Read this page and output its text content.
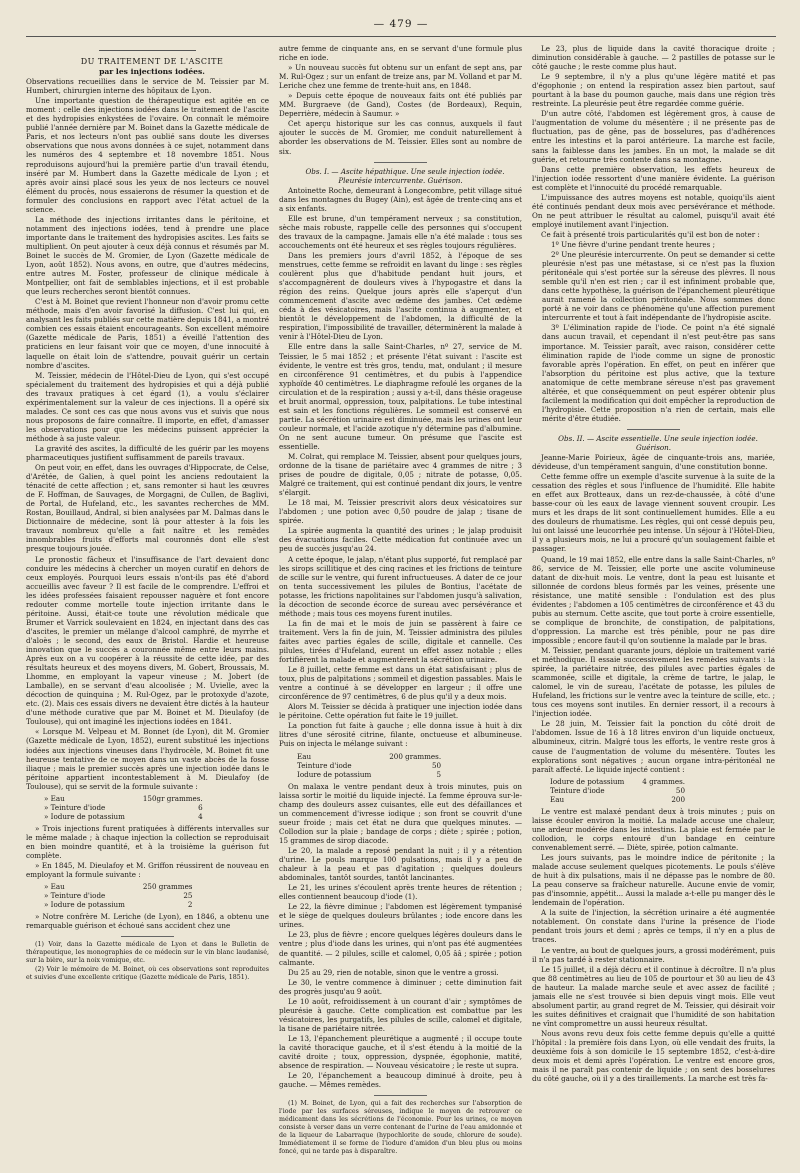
— 479 —

DU TRAITEMENT DE L'ASCITE

par les injections iodées.

Observations recueillies dans le service de M. Teissier par M. Humbert, chirurgien interne des hôpitaux de Lyon.

Une importante question de thérapeutique est agitée en ce moment : celle des injections iodées dans le traitement de l'ascite et des hydropisies enkystées de l'ovaire. On connaît le mémoire publié l'année dernière par M. Boinet dans la Gazette médicale de Paris, et nos lecteurs n'ont pas oublié sans doute les diverses observations que nous avons données à ce sujet, notamment dans les numéros des 4 septembre et 18 novembre 1851. Nous reproduisons aujourd'hui la première partie d'un travail étendu, inséré par M. Humbert dans la Gazette médicale de Lyon ; et après avoir ainsi placé sous les yeux de nos lecteurs ce nouvel élément du procès, nous essaierons de résumer la question et de formuler des conclusions en rapport avec l'état actuel de la science.

La méthode des injections irritantes dans le péritoine, et notamment des injections iodées, tend à prendre une place importante dans le traitement des hydropisies ascites. Les faits se multiplient. On peut ajouter à ceux déjà connus et résumés par M. Boinet le succès de M. Gromier, de Lyon (Gazette médicale de Lyon, août 1852). Nous avons, en outre, que d'autres médecins, entre autres M. Foster, professeur de clinique médicale à Montpellier, ont fait de semblables injections, et il est probable que leurs recherches seront bientôt connues.

C'est à M. Boinet que revient l'honneur non d'avoir promu cette méthode, mais d'en avoir favorisé la diffusion. C'est lui qui, en analysant les faits publiés sur cette matière depuis 1841, a montré combien ces essais étaient encourageants. Son excellent mémoire (Gazette médicale de Paris, 1851) a éveillé l'attention des praticiens en leur faisant voir que ce moyen, d'une innocuité à laquelle on était loin de s'attendre, pouvait guérir un certain nombre d'ascites.

M. Teissier, médecin de l'Hôtel-Dieu de Lyon, qui s'est occupé spécialement du traitement des hydropisies et qui a déjà publié des travaux pratiques à cet égard (1), a voulu s'éclairer expérimentalement sur la valeur de ces injections. Il a opéré six malades. Ce sont ces cas que nous avons vus et suivis que nous nous proposons de faire connaître. Il importe, en effet, d'amasser les observations pour que les médecins puissent apprécier la méthode à sa juste valeur.

La gravité des ascites, la difficulté de les guérir par les moyens pharmaceutiques justifient suffisamment de pareils travaux.

On peut voir, en effet, dans les ouvrages d'Hippocrate, de Celse, d'Arétée, de Galien, à quel point les anciens redoutaient la ténacité de cette affection ; et, sans remonter si haut les œuvres de F. Hoffman, de Sauvages, de Morgagni, de Cullen, de Baglivi, de Portal, de Hufeland, etc., les savantes recherches de MM. Rostan, Bouillaud, Andral, si bien analysées par M. Dalmas dans le Dictionnaire de médecine, sont là pour attester à la fois les travaux nombreux qu'elle a fait naître et les remèdes innombrables fruits d'efforts mal couronnés dont elle s'est presque toujours jouée.

Le pronostic fâcheux et l'insuffisance de l'art devaient donc conduire les médecins à chercher un moyen curatif en dehors de ceux employés. Pourquoi leurs essais n'ont-ils pas été d'abord accueillis avec faveur ? Il est facile de le comprendre. L'effroi et les idées professées faisaient repousser naguère et font encore redouter comme mortelle toute injection irritante dans le péritoine. Aussi, était-ce toute une révolution médicale que Brumer et Varrick soulevaient en 1824, en injectant dans des cas d'ascites, le premier un mélange d'alcool camphré, de myrrhe et d'aloès ; le second, des eaux de Bristol. Hardie et heureuse innovation que le succès a couronnée même entre leurs mains. Après eux on a vu coopérer à la réussite de cette idée, par des résultats heureux et des moyens divers, M. Gobert, Broussais, M. Lhomme, en employant la vapeur vineuse ; M. Jobert (de Lamballe), en se servant d'eau alcoolisée ; M. Uvielle, avec la décoction de quinquina ; M. Rul-Ogez, par le protoxyde d'azote, etc. (2). Mais ces essais divers ne devaient être dictés à la hauteur d'une méthode curative que par M. Boinet et M. Dieulafoy (de Toulouse), qui ont imaginé les injections iodées en 1841.

« Lorsque M. Velpeau et M. Bonnet (de Lyon), dit M. Gromier (Gazette médicale de Lyon, 1852), eurent substitué les injections iodées aux injections vineuses dans l'hydrocèle, M. Boinet fit une heureuse tentative de ce moyen dans un vaste abcès de la fosse iliaque ; mais le premier succès après une injection iodée dans le péritoine appartient incontestablement à M. Dieulafoy (de Toulouse), qui se servit de la formule suivante :

» Eau	150gr grammes.
» Teinture d'iode	6
» Iodure de potassium	4

» Trois injections furent pratiquées à différents intervalles sur le même malade ; à chaque injection la collection se reproduisait en bien moindre quantité, et à la troisième la guérison fut complète.

» En 1845, M. Dieulafoy et M. Griffon réussirent de nouveau en employant la formule suivante :

» Eau	250 grammes
» Teinture d'iode	25
» Iodure de potassium	2

» Notre confrère M. Leriche (de Lyon), en 1846, a obtenu une remarquable guérison et échoué sans accident chez une

(1) Voir, dans la Gazette médicale de Lyon et dans le Bulletin de thérapeutique, les monographies de ce médecin sur le vin blanc laudanisé, sur la bière, sur la noix vomique, etc.

(2) Voir le mémoire de M. Boinet, où ces observations sont reproduites et suivies d'une excellente critique (Gazette médicale de Paris, 1851).

autre femme de cinquante ans, en se servant d'une formule plus riche en iode.

» Un nouveau succès fut obtenu sur un enfant de sept ans, par M. Rul-Ogez ; sur un enfant de treize ans, par M. Volland et par M. Leriche chez une femme de trente-huit ans, en 1848.

» Depuis cette époque de nouveaux faits ont été publiés par MM. Burgraeve (de Gand), Costes (de Bordeaux), Requin, Deperrière, médecin à Saumur. »

Cet aperçu historique sur les cas connus, auxquels il faut ajouter le succès de M. Gromier, me conduit naturellement à aborder les observations de M. Teissier. Elles sont au nombre de six.

Obs. I. — Ascite hépathique. Une seule injection iodée. Pleurésie intercurrente. Guérison.

Antoinette Roche, demeurant à Longecombre, petit village situé dans les montagnes du Bugey (Ain), est âgée de trente-cinq ans et a six enfants.

Elle est brune, d'un tempérament nerveux ; sa constitution, sèche mais robuste, rappelle celle des personnes qui s'occupent des travaux de la campagne. Jamais elle n'a été malade : tous ses accouchements ont été heureux et ses règles toujours régulières.

Dans les premiers jours d'avril 1852, à l'époque de ses menstrues, cette femme se refroidit en lavant du linge : ses règles coulèrent plus que d'habitude pendant huit jours, et s'accompagnèrent de douleurs vives à l'hypogastre et dans la région des reins. Quelque jours après elle s'aperçut d'un commencement d'ascite avec œdème des jambes. Cet œdème céda à des vésicatoires, mais l'ascite continua à augmenter, et bientôt le développement de l'abdomen, la difficulté de la respiration, l'impossibilité de travailler, déterminèrent la malade à venir à l'Hôtel-Dieu de Lyon.

Elle entre dans la salle Saint-Charles, nº 27, service de M. Teissier, le 5 mai 1852 ; et présente l'état suivant : l'ascite est évidente, le ventre est très gros, tendu, mat, ondulant ; il mesure en circonférence 91 centimètres, et du pubis à l'appendice xyphoïde 40 centimètres. Le diaphragme refoulé les organes de la circulation et de la respiration ; aussi y a-t-il, dans thésie orageuse et bruit anormal, oppression, toux, palpitations. Le tube intestinal est sain et les fonctions régulières. Le sommeil est conservé en partie. La sécrétion urinaire est diminuée, mais les urines ont leur couleur normale, et l'acide azotique n'y détermine pas d'albumine. On ne sent aucune tumeur. On présume que l'ascite est essentielle.

M. Colrat, qui remplace M. Teissier, absent pour quelques jours, ordonne de la tisane de pariétaire avec 4 grammes de nitre ; 3 prises de poudre de digitale, 0,05 ; nitrate de potasse, 0,05. Malgré ce traitement, qui est continué pendant dix jours, le ventre s'élargit.

Le 18 mai, M. Teissier prescrivit alors deux vésicatoires sur l'abdomen ; une potion avec 0,50 poudre de jalap ; tisane de spirée.

La spirée augmenta la quantité des urines ; le jalap produisit des évacuations faciles. Cette médication fut continuée avec un peu de succès jusqu'au 24.

A cette époque, le jalap, n'étant plus supporté, fut remplacé par les sirops scillitique et des cinq racines et les frictions de teinture de scille sur le ventre, qui furent infructueuses. A dater de ce jour on tenta successivement les pilules de Bontius, l'acétate de potasse, les frictions napolitaines sur l'abdomen jusqu'à salivation, la décoction de seconde écorce de sureau avec persévérance et méthode ; mais tous ces moyens furent inutiles.

La fin de mai et le mois de juin se passèrent à faire ce traitement. Vers la fin de juin, M. Teissier administra des pilules faites avec parties égales de scille, digitale et cannelle. Ces pilules, tirées d'Hufeland, eurent un effet assez notable ; elles fortifièrent la malade et augmentèrent la sécrétion urinaire.

Le 8 juillet, cette femme est dans un état satisfaisant ; plus de toux, plus de palpitations ; sommeil et digestion passables. Mais le ventre a continué à se développer en largeur ; il offre une circonférence de 97 centimètres, 6 de plus qu'il y a deux mois.

Alors M. Teissier se décida à pratiquer une injection iodée dans le péritoine. Cette opération fut faite le 19 juillet.

La ponction fut faite à gauche ; elle donna issue à huit à dix litres d'une sérosité citrine, filante, onctueuse et albumineuse. Puis on injecta le mélange suivant :

Eau	200 grammes.
Teinture d'iode	50
Iodure de potassium	5

On malaxa le ventre pendant deux à trois minutes, puis on laissa sortir le moitié du liquide injecté. La femme éprouva sur-le-champ des douleurs assez cuisantes, elle eut des défaillances et un commencement d'ivresse iodique ; son front se couvrit d'une sueur froide ; mais cet état ne dura que quelques minutes. — Collodion sur la plaie ; bandage de corps ; diète ; spirée ; potion, 15 grammes de sirop diacode.

Le 20, la malade a reposé pendant la nuit ; il y a rétention d'urine. Le pouls marque 100 pulsations, mais il y a peu de chaleur à la peau et pas d'agitation ; quelques douleurs abdominales, tantôt sourdes, tantôt lancinantes.

Le 21, les urines s'écoulent après trente heures de rétention ; elles contiennent beaucoup d'iode (1).

Le 22, la fièvre diminue ; l'abdomen est légèrement tympanisé et le siège de quelques douleurs brûlantes ; iode encore dans les urines.

Le 23, plus de fièvre ; encore quelques légères douleurs dans le ventre ; plus d'iode dans les urines, qui n'ont pas été augmentées de quantité. — 2 pilules, scille et calomel, 0,05 ââ ; spirée ; potion calmante.

Du 25 au 29, rien de notable, sinon que le ventre a grossi.

Le 30, le ventre commence à diminuer ; cette diminution fait des progrès jusqu'au 9 août.

Le 10 août, refroidissement à un courant d'air ; symptômes de pleurésie à gauche. Cette complication est combattue par les vésicatoires, les purgatifs, les pilules de scille, calomel et digitale, la tisane de pariétaire nitrée.

Le 13, l'épanchement pleurétique a augmenté ; il occupe toute la cavité thoracique gauche, et il s'est étendu à la moitié de la cavité droite ; toux, oppression, dyspnée, égophonie, matité, absence de respiration. — Nouveau vésicatoire ; le reste ut supra.

Le 20, l'épanchement a beaucoup diminué à droite, peu à gauche. — Mêmes remèdes.

(1) M. Boinet, de Lyon, qui a fait des recherches sur l'absorption de l'iode par les surfaces séreuses, indique le moyen de retrouver ce médicament dans les sécrétions de l'économie. Pour les urines, ce moyen consiste à verser dans un verre contenant de l'urine de l'eau amidonnée et de la liqueur de Labarraque (hypochlorite de soude, chlorure de soude). Immédiatement il se forme de l'iodure d'amidon d'un bleu plus ou moins foncé, qui ne tarde pas à disparaître.

Le 23, plus de liquide dans la cavité thoracique droite ; diminution considérable à gauche. — 2 pastilles de potasse sur le côté gauche ; le reste comme plus haut.

Le 9 septembre, il n'y a plus qu'une légère matité et pas d'égophonie ; on entend la respiration assez bien partout, sauf pourtant à la base du poumon gauche, mais dans une région très restreinte. La pleurésie peut être regardée comme guérie.

D'un autre côté, l'abdomen est légèrement gros, à cause de l'augmentation de volume du mésentère ; il ne présente pas de fluctuation, pas de gêne, pas de bosselures, pas d'adhérences entre les intestins et la paroi antérieure. La marche est facile, sans la faiblesse dans les jambes. En un mot, la malade se dit guérie, et retourne très contente dans sa montagne.

Dans cette première observation, les effets heureux de l'injection iodée ressortent d'une manière évidente. La guérison est complète et l'innocuité du procédé remarquable.

L'impuissance des autres moyens est notable, quoiqu'ils aient été continués pendant deux mois avec persévérance et méthode. On ne peut attribuer le résultat au calomel, puisqu'il avait été employé inutilement avant l'injection.

Ce fait à présenté trois particularités qu'il est bon de noter :

1º Une fièvre d'urine pendant trente heures ;

2º Une pleurésie intercurrente. On peut se demander si cette pleurésie n'est pas une métastase, si ce n'est pas la fluxion péritonéale qui s'est portée sur la séreuse des plèvres. Il nous semble qu'il n'en est rien ; car il est infiniment probable que, dans cette hypothèse, la guérison de l'épanchement pleurétique aurait ramené la collection péritonéale. Nous sommes donc porté à ne voir dans ce phénomène qu'une affection purement intercurrente et tout à fait indépendante de l'hydropisie ascite.

3º L'élimination rapide de l'iode. Ce point n'a été signalé dans aucun travail, et cependant il n'est peut-être pas sans importance. M. Teissier paraît, avec raison, considérer cette élimination rapide de l'iode comme un signe de pronostic favorable après l'opération. En effet, on peut en inférer que l'absorption du péritoine est plus active, que la texture anatomique de cette membrane séreuse n'est pas gravement altérée, et que conséquemment on peut espérer obtenir plus facilement la modification qui doit empêcher la reproduction de l'hydropisie. Cette proposition n'a rien de certain, mais elle mérite d'être étudiée.

Obs. II. — Ascite essentielle. Une seule injection iodée. Guérison.

Jeanne-Marie Poirieux, âgée de cinquante-trois ans, mariée, dévideuse, d'un tempérament sanguin, d'une constitution bonne.

Cette femme offre un exemple d'ascite survenue à la suite de la cessation des règles et sous l'influence de l'humidité. Elle habite en effet aux Brotteaux, dans un rez-de-chaussée, à côté d'une basse-cour où les eaux de lavage viennent souvent croupir. Les murs et les draps de lit sont continuellement humides. Elle a eu des douleurs de rhumatisme. Les règles, qui ont cessé depuis peu, lui ont laissé une leucorrhée peu intense. Un séjour à l'Hôtel-Dieu, il y a plusieurs mois, ne lui a procuré qu'un soulagement faible et passager.

Quand, le 19 mai 1852, elle entre dans la salle Saint-Charles, nº 86, service de M. Teissier, elle porte une ascite volumineuse datant de dix-huit mois. Le ventre, dont la peau est luisante et sillonnée de cordons bleus formés par les veines, présente une résistance, une matité sensible : l'ondulation est des plus évidentes ; l'abdomen a 105 centimètres de circonférence et 43 du pubis au sternum. Cette ascite, que tout porte à croire essentielle, se complique de bronchite, de constipation, de palpitations, d'oppression. La marche est très pénible, pour ne pas dire impossible ; encore faut-il qu'on soutienne la malade par le bras.

M. Teissier, pendant quarante jours, déploie un traitement varié et méthodique. Il essaie successivement les remèdes suivants : la spirée, la pariétaire nitrée, des pilules avec parties égales de scammonée, scille et digitale, la crème de tartre, le jalap, le calomel, le vin de sureau, l'acétate de potasse, les pilules de Hufeland, les frictions sur le ventre avec la teinture de scille, etc. ; tous ces moyens sont inutiles. En dernier ressort, il a recours à l'injection iodée.

Le 28 juin, M. Teissier fait la ponction du côté droit de l'abdomen. Issue de 16 à 18 litres environ d'un liquide onctueux, albumineux, citrin. Malgré tous les efforts, le ventre reste gros à cause de l'augmentation de volume du mésentère. Toutes les explorations sont négatives ; aucun organe intra-péritonéal ne paraît affecté. Le liquide injecté contient :

Iodure de potassium	4 grammes.
Teinture d'iode	50
Eau	200

Le ventre est malaxé pendant deux à trois minutes ; puis on laisse écouler environ la moitié. La malade accuse une chaleur, une ardeur modérée dans les intestins. La plaie est fermée par le collodion, le corps entouré d'un bandage en ceinture convenablement serré. — Diète, spirée, potion calmante.

Les jours suivants, pas le moindre indice de péritonite ; la malade accuse seulement quelques picotements. Le pouls s'élève de huit à dix pulsations, mais il ne dépasse pas le nombre de 80. La peau conserve sa fraîcheur naturelle. Aucune envie de vomir, pas d'insomnie, appétit... Aussi la malade a-t-elle pu manger dès le lendemain de l'opération.

A la suite de l'injection, la sécrétion urinaire a été augmentée notablement. On constate dans l'urine la présence de l'iode pendant trois jours et demi ; après ce temps, il n'y en a plus de traces.

Le ventre, au bout de quelques jours, a grossi modérément, puis il n'a pas tardé à rester stationnaire.

Le 15 juillet, il a déjà décru et il continue à décroître. Il n'a plus que 88 centimètres au lieu de 105 de pourtour et 30 au lieu de 43 de hauteur. La malade marche seule et avec assez de facilité ; jamais elle ne s'est trouvée si bien depuis vingt mois. Elle veut absolument partir, au grand regret de M. Teissier, qui désirait voir les suites définitives et craignait que l'humidité de son habitation ne vînt compromettre un aussi heureux résultat.

Nous avons revu deux fois cette femme depuis qu'elle a quitté l'hôpital : la première fois dans Lyon, où elle vendait des fruits, la deuxième fois à son domicile le 15 septembre 1852, c'est-à-dire deux mois et demi après l'opération. Le ventre est encore gros, mais il ne paraît pas contenir de liquide ; on sent des bosselures du côté gauche, où il y a des tiraillements. La marche est très fa-
